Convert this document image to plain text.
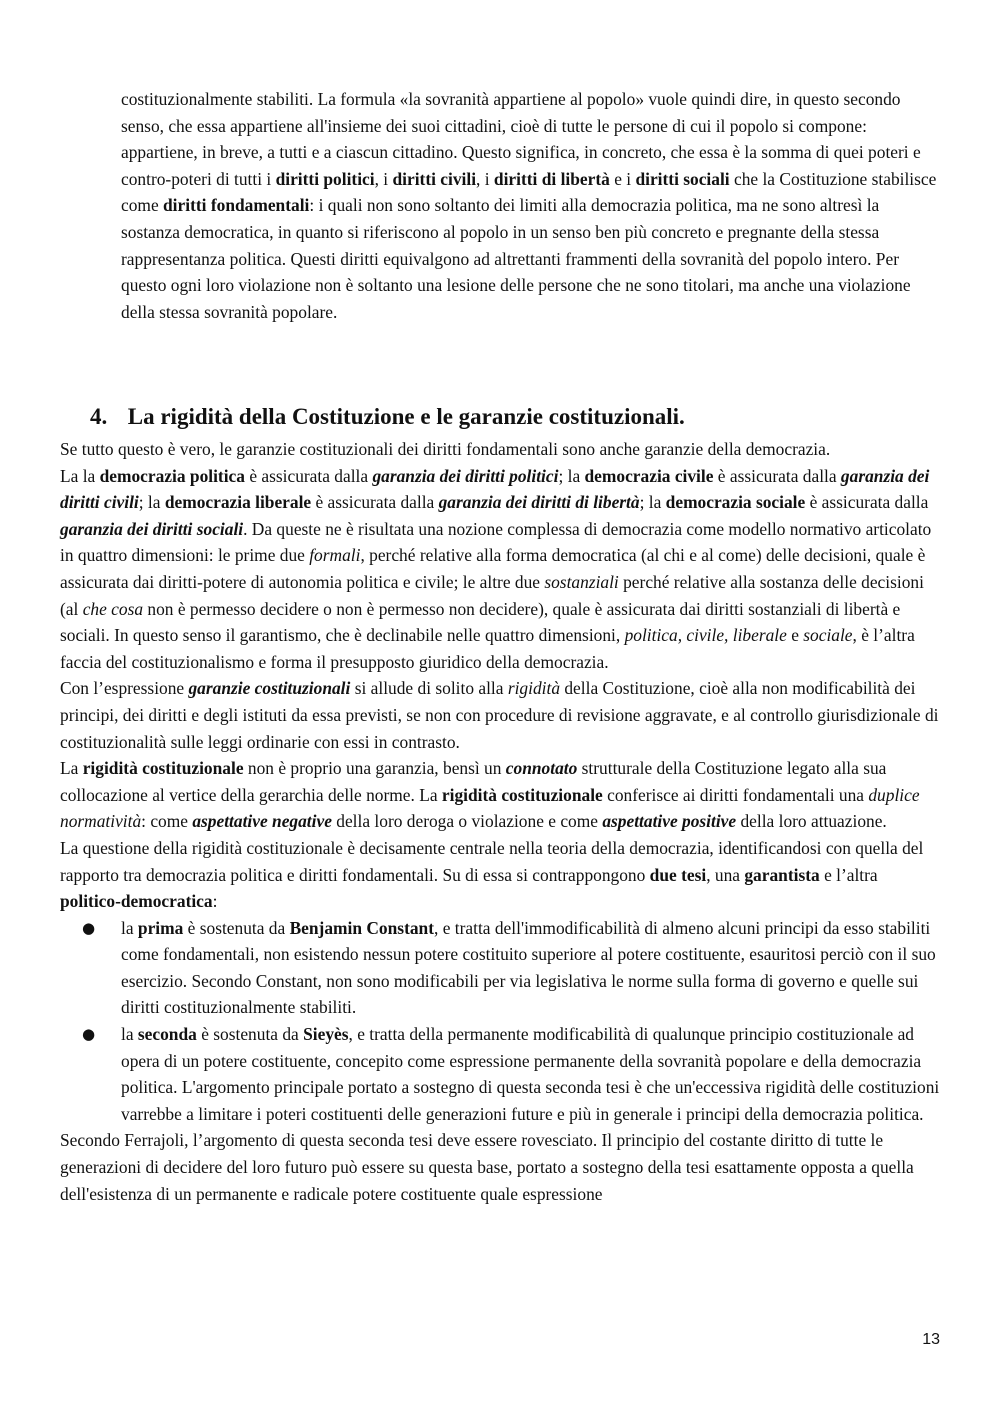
costituzionalmente stabiliti. La formula «la sovranità appartiene al popolo» vuole quindi dire, in questo secondo senso, che essa appartiene all'insieme dei suoi cittadini, cioè di tutte le persone di cui il popolo si compone: appartiene, in breve, a tutti e a ciascun cittadino. Questo significa, in concreto, che essa è la somma di quei poteri e contro-poteri di tutti i diritti politici, i diritti civili, i diritti di libertà e i diritti sociali che la Costituzione stabilisce come diritti fondamentali: i quali non sono soltanto dei limiti alla democrazia politica, ma ne sono altresì la sostanza democratica, in quanto si riferiscono al popolo in un senso ben più concreto e pregnante della stessa rappresentanza politica. Questi diritti equivalgono ad altrettanti frammenti della sovranità del popolo intero. Per questo ogni loro violazione non è soltanto una lesione delle persone che ne sono titolari, ma anche una violazione della stessa sovranità popolare.

4. La rigidità della Costituzione e le garanzie costituzionali.

Se tutto questo è vero, le garanzie costituzionali dei diritti fondamentali sono anche garanzie della democrazia.

La la democrazia politica è assicurata dalla garanzia dei diritti politici; la democrazia civile è assicurata dalla garanzia dei diritti civili; la democrazia liberale è assicurata dalla garanzia dei diritti di libertà; la democrazia sociale è assicurata dalla garanzia dei diritti sociali. Da queste ne è risultata una nozione complessa di democrazia come modello normativo articolato in quattro dimensioni: le prime due formali, perché relative alla forma democratica (al chi e al come) delle decisioni, quale è assicurata dai diritti-potere di autonomia politica e civile; le altre due sostanziali perché relative alla sostanza delle decisioni (al che cosa non è permesso decidere o non è permesso non decidere), quale è assicurata dai diritti sostanziali di libertà e sociali. In questo senso il garantismo, che è declinabile nelle quattro dimensioni, politica, civile, liberale e sociale, è l’altra faccia del costituzionalismo e forma il presupposto giuridico della democrazia.

Con l’espressione garanzie costituzionali si allude di solito alla rigidità della Costituzione, cioè alla non modificabilità dei principi, dei diritti e degli istituti da essa previsti, se non con procedure di revisione aggravate, e al controllo giurisdizionale di costituzionalità sulle leggi ordinarie con essi in contrasto.

La rigidità costituzionale non è proprio una garanzia, bensì un connotato strutturale della Costituzione legato alla sua collocazione al vertice della gerarchia delle norme. La rigidità costituzionale conferisce ai diritti fondamentali una duplice normatività: come aspettative negative della loro deroga o violazione e come aspettative positive della loro attuazione.

La questione della rigidità costituzionale è decisamente centrale nella teoria della democrazia, identificandosi con quella del rapporto tra democrazia politica e diritti fondamentali. Su di essa si contrappongono due tesi, una garantista e l’altra politico-democratica:

● la prima è sostenuta da Benjamin Constant, e tratta dell'immodificabilità di almeno alcuni principi da esso stabiliti come fondamentali, non esistendo nessun potere costituito superiore al potere costituente, esauritosi perciò con il suo esercizio. Secondo Constant, non sono modificabili per via legislativa le norme sulla forma di governo e quelle sui diritti costituzionalmente stabiliti.
● la seconda è sostenuta da Sieyès, e tratta della permanente modificabilità di qualunque principio costituzionale ad opera di un potere costituente, concepito come espressione permanente della sovranità popolare e della democrazia politica. L'argomento principale portato a sostegno di questa seconda tesi è che un'eccessiva rigidità delle costituzioni varrebbe a limitare i poteri costituenti delle generazioni future e più in generale i principi della democrazia politica.

Secondo Ferrajoli, l’argomento di questa seconda tesi deve essere rovesciato. Il principio del costante diritto di tutte le generazioni di decidere del loro futuro può essere su questa base, portato a sostegno della tesi esattamente opposta a quella dell'esistenza di un permanente e radicale potere costituente quale espressione

13
